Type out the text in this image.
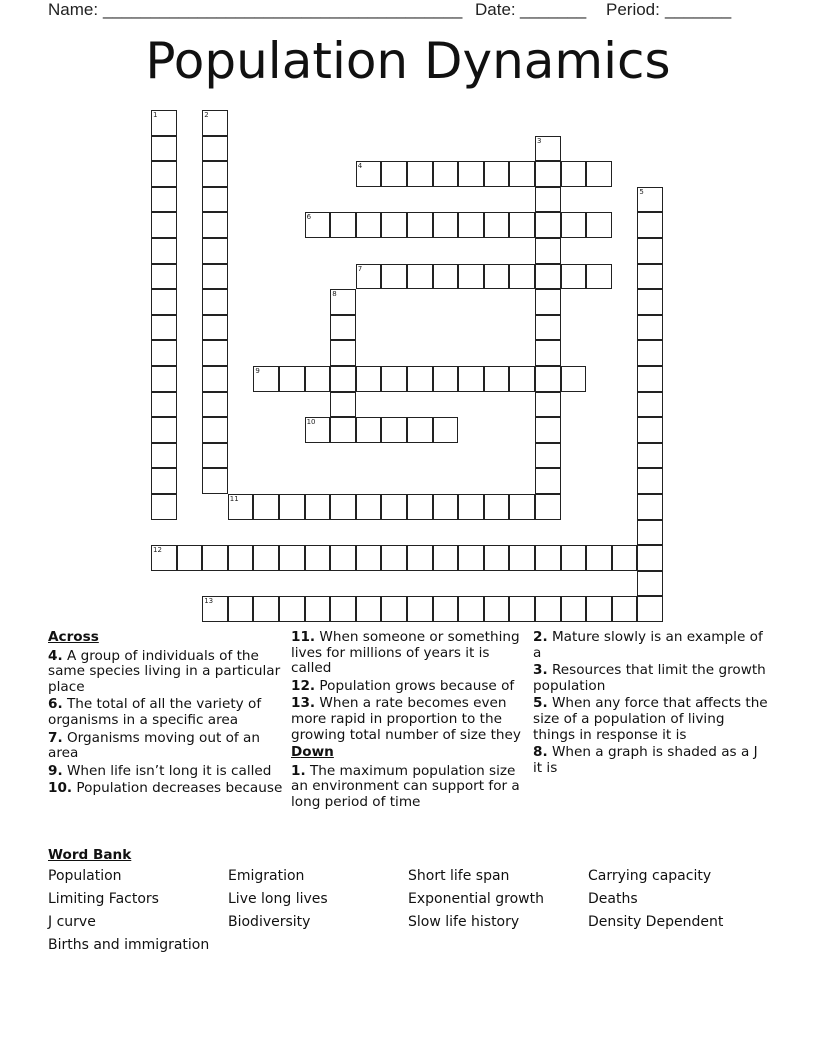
Name: ______________________________________ Date: _______ Period: _______
Population Dynamics
1	2
3
4
5
6
7
8
9
10
11
12
13
Across
4. A group of individuals of the same species living in a particular place
6. The total of all the variety of organisms in a specific area
7. Organisms moving out of an area
9. When life isn’t long it is called
10. Population decreases because
11. When someone or something lives for millions of years it is called
12. Population grows because of
13. When a rate becomes even more rapid in proportion to the growing total number of size they
Down
1. The maximum population size an environment can support for a long period of time
2. Mature slowly is an example of a
3. Resources that limit the growth population
5. When any force that affects the size of a population of living things in response it is
8. When a graph is shaded as a J it is
Word Bank
Population	Emigration	Short life span	Carrying capacity
Limiting Factors	Live long lives	Exponential growth	Deaths
J curve	Biodiversity	Slow life history	Density Dependent
Births and immigration
